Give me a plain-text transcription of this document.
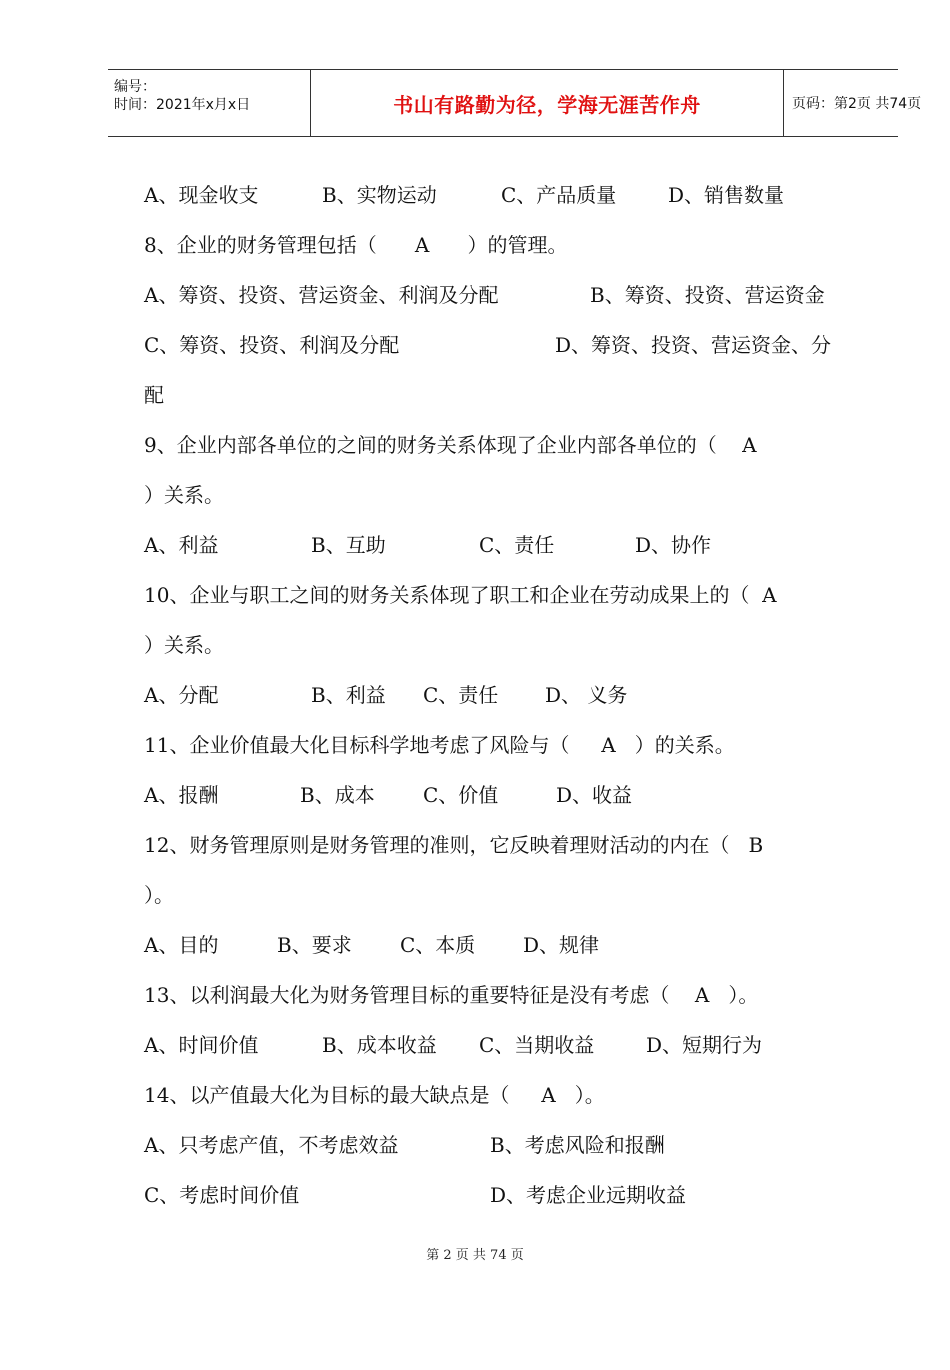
编号：
时间：2021年x月x日	书山有路勤为径，学海无涯苦作舟	页码：第2页 共74页

A、现金收支

	B、实物运动

	C、产品质量

	D、销售数量

8、企业的财务管理包括（      A      ）的管理。

A、筹资、投资、营运资金、利润及分配

	B、筹资、投资、营运资金

C、筹资、投资、利润及分配

	D、筹资、投资、营运资金、分

配

9、企业内部各单位的之间的财务关系体现了企业内部各单位的（    A

）关系。

A、利益

	B、互助

	C、责任

	D、协作

10、企业与职工之间的财务关系体现了职工和企业在劳动成果上的（  A

）关系。

A、分配

	B、利益

C、责任

D、 义务

11、企业价值最大化目标科学地考虑了风险与（     A   ）的关系。

A、报酬

	B、成本

C、价值

	D、收益

12、财务管理原则是财务管理的准则，它反映着理财活动的内在（   B

）。

A、目的

	B、要求

C、本质

D、规律

13、以利润最大化为财务管理目标的重要特征是没有考虑（    A   ）。

A、时间价值

	B、成本收益

C、当期收益

	D、短期行为

14、以产值最大化为目标的最大缺点是（     A   ）。

A、只考虑产值，不考虑效益

	B、考虑风险和报酬

C、考虑时间价值

	D、考虑企业远期收益

第 2 页 共 74 页
